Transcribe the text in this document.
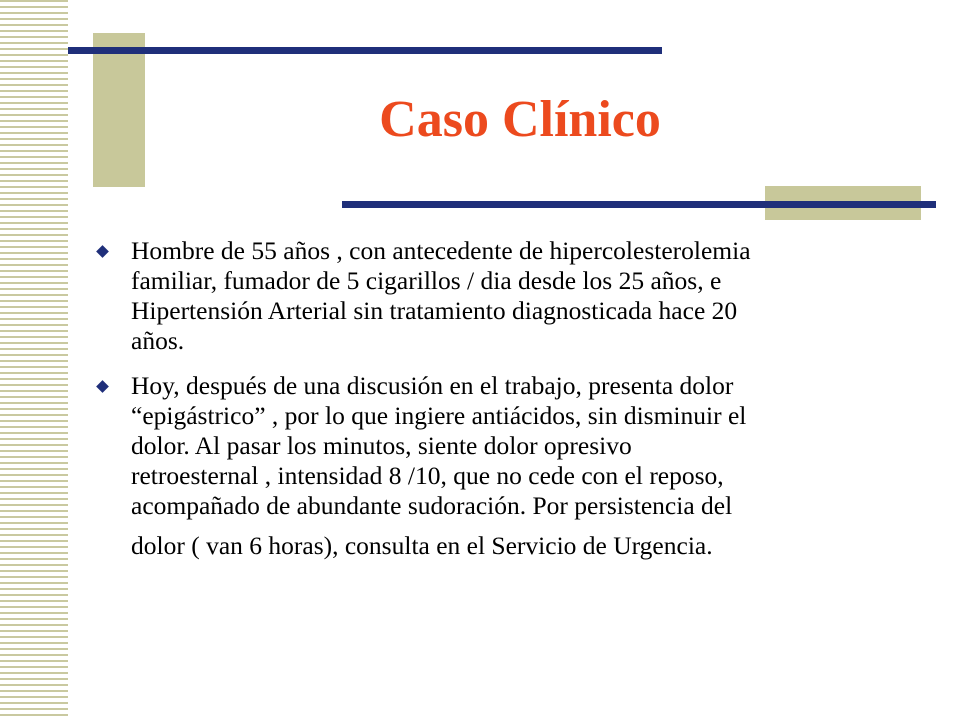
Caso Clínico
Hombre de 55 años , con antecedente de hipercolesterolemia
familiar, fumador de 5 cigarillos / dia desde los 25 años, e
Hipertensión Arterial sin tratamiento diagnosticada hace 20
años.
Hoy, después de una discusión en el trabajo, presenta dolor
“epigástrico” , por lo que ingiere antiácidos, sin disminuir el
dolor. Al pasar los minutos, siente dolor opresivo
retroesternal , intensidad 8 /10, que no cede con el reposo,
acompañado de abundante sudoración. Por persistencia del
dolor ( van 6 horas), consulta en el Servicio de Urgencia.
